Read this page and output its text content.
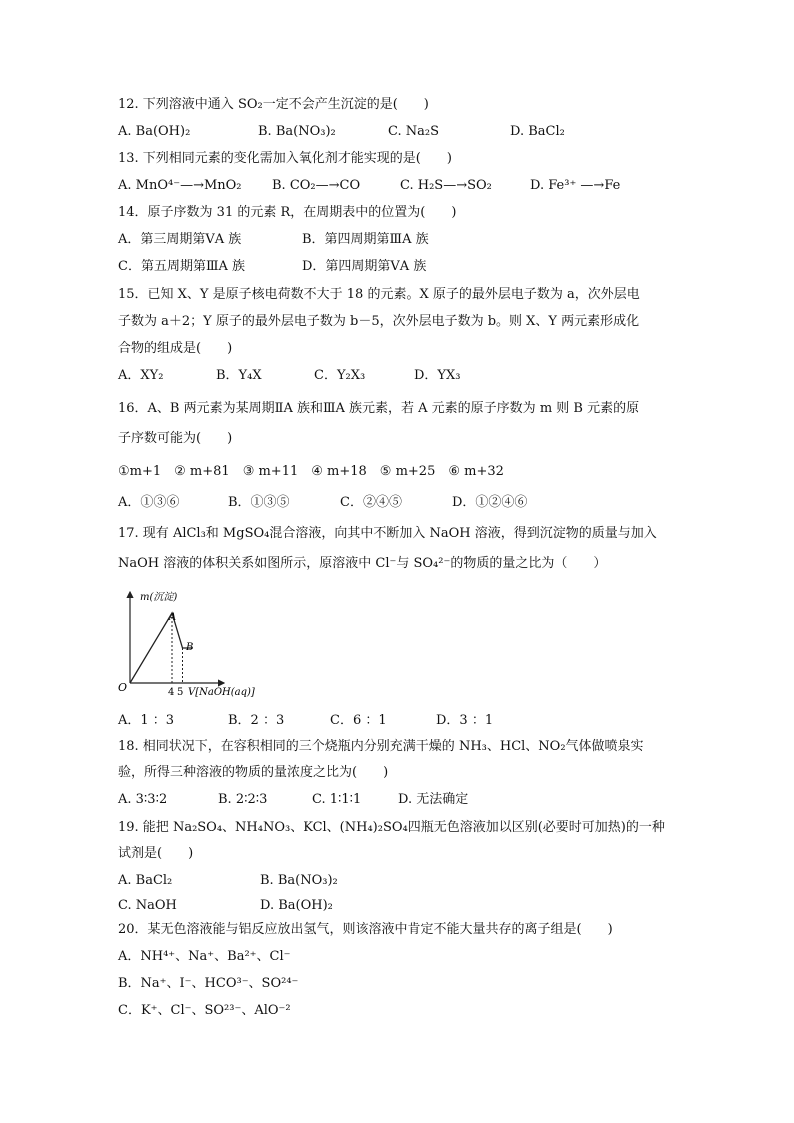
12. 下列溶液中通入 SO₂一定不会产生沉淀的是(　　)
A. Ba(OH)₂	B. Ba(NO₃)₂	C. Na₂S	D. BaCl₂
13. 下列相同元素的变化需加入氧化剂才能实现的是(　　)
A. MnO⁴⁻—→MnO₂ B. CO₂—→CO	C. H₂S—→SO₂	D. Fe³⁺ —→Fe
14．原子序数为 31 的元素 R，在周期表中的位置为(　　)
A．第三周期第ⅤA 族	B．第四周期第ⅢA 族
C．第五周期第ⅢA 族	D．第四周期第ⅤA 族
15．已知 X、Y 是原子核电荷数不大于 18 的元素。X 原子的最外层电子数为 a，次外层电
子数为 a＋2；Y 原子的最外层电子数为 b－5，次外层电子数为 b。则 X、Y 两元素形成化
合物的组成是(　　)
A．XY₂	B．Y₄X	C．Y₂X₃	D．YX₃
16．A、B 两元素为某周期ⅡA 族和ⅢA 族元素，若 A 元素的原子序数为 m 则 B 元素的原
子序数可能为(　　)
①m+1　② m+81　③ m+11　④ m+18　⑤ m+25　⑥ m+32
A．①③⑥	B．①③⑤	C．②④⑤	D．①②④⑥
17. 现有 AlCl₃和 MgSO₄混合溶液，向其中不断加入 NaOH 溶液，得到沉淀物的质量与加入
NaOH 溶液的体积关系如图所示，原溶液中 Cl⁻与 SO₄²⁻的物质的量之比为（　　）
m(沉淀)
O
A
B
4 5 V[NaOH(aq)]
A．1 ：3	B．2 ：3	C．6 ：1	D．3 ：1
18. 相同状况下，在容积相同的三个烧瓶内分别充满干燥的 NH₃、HCl、NO₂气体做喷泉实
验，所得三种溶液的物质的量浓度之比为(　　)
A. 3∶3∶2	B. 2∶2∶3	C. 1∶1∶1	D. 无法确定
19. 能把 Na₂SO₄、NH₄NO₃、KCl、(NH₄)₂SO₄四瓶无色溶液加以区别(必要时可加热)的一种
试剂是(　　)
A. BaCl₂	B. Ba(NO₃)₂
C. NaOH	D. Ba(OH)₂
20．某无色溶液能与铝反应放出氢气，则该溶液中肯定不能大量共存的离子组是(　　)
A．NH⁴⁺、Na⁺、Ba²⁺、Cl⁻
B．Na⁺、I⁻、HCO³⁻、SO²⁴⁻
C．K⁺、Cl⁻、SO²³⁻、AlO⁻²
